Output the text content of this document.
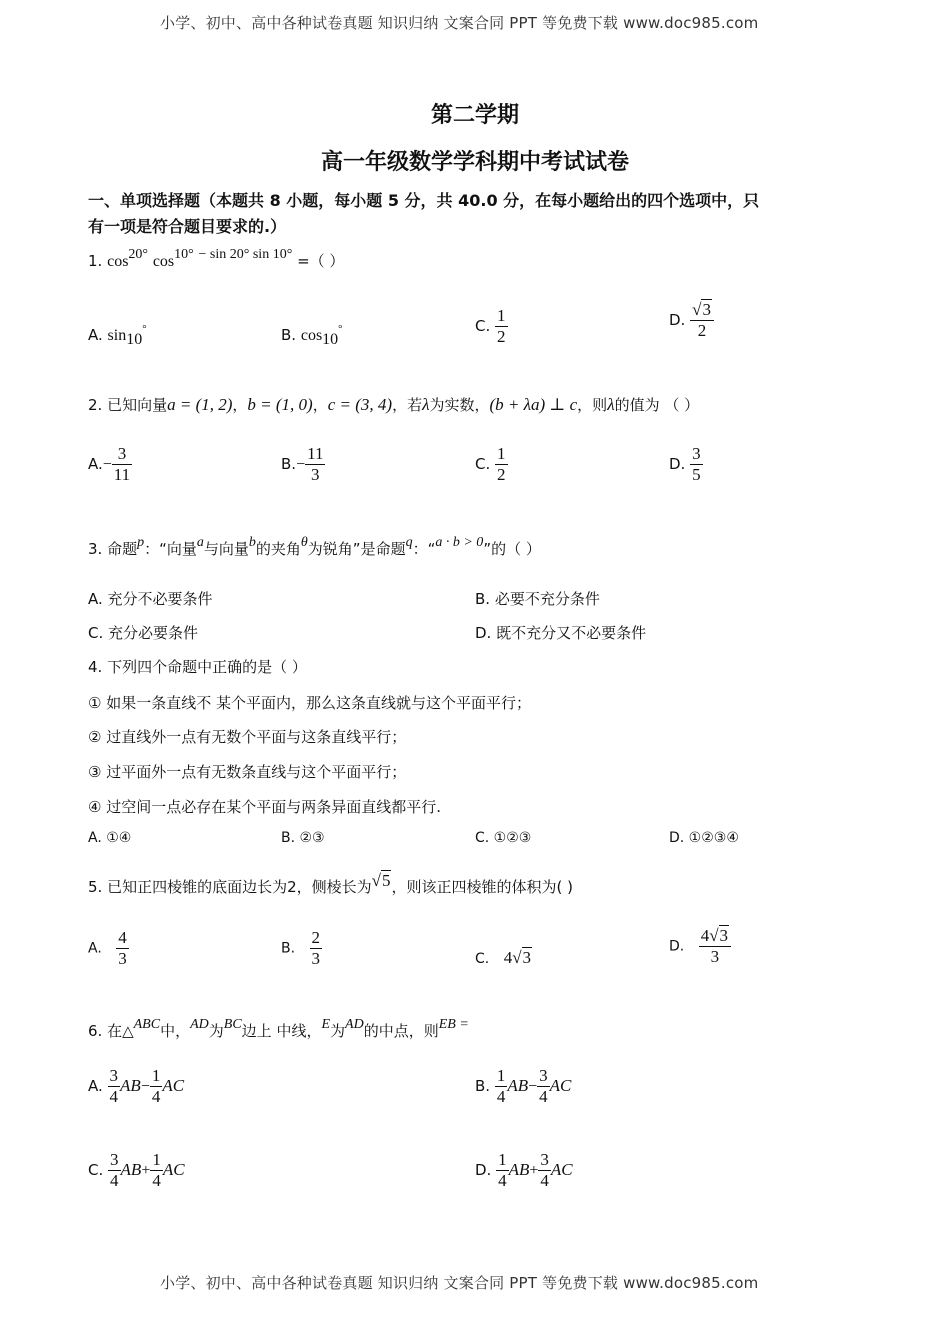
小学、初中、高中各种试卷真题 知识归纳 文案合同 PPT 等免费下载 www.doc985.com
第二学期
高一年级数学学科期中考试试卷
一、单项选择题（本题共 8 小题，每小题 5 分，共 40.0 分，在每小题给出的四个选项中，只
有一项是符合题目要求的.）
1. cos20° cos10° − sin 20° sin 10° =（ ）
A. sin10°	B. cos10°	C. $\frac{1}{2}$	D. $\frac{√3}{2}$
2. 已知向量a = (1, 2)，b = (1, 0)，c = (3, 4)，若λ为实数，(b + λa) ⊥ c，则λ的值为 （ ）
$A.- \frac{3}{11}$	$B.- \frac{11}{3}$	C. $\frac{1}{2}$	D. $\frac{3}{5}$
3. 命题p：“向量a与向量b的夹角θ为锐角”是命题q：“a · b > 0”的（ ）
A. 充分不必要条件	B. 必要不充分条件
C. 充分必要条件	D. 既不充分又不必要条件
4. 下列四个命题中正确的是（ ）
① 如果一条直线不 某个平面内，那么这条直线就与这个平面平行；
② 过直线外一点有无数个平面与这条直线平行；
③ 过平面外一点有无数条直线与这个平面平行；
④ 过空间一点必存在某个平面与两条异面直线都平行.
A. ①④	B. ②③	C. ①②③	D. ①②③④
5. 已知正四棱锥的底面边长为2，侧棱长为√5，则该正四棱锥的体积为( )
A. $\frac{4}{3}$	B. $\frac{2}{3}$	C. 4√3
D. $\frac{4√3}{3}$
6. 在△ABC中，AD为BC边上 中线，E为AD的中点，则EB =
A. $\frac{3}{4} AB- \frac{1}{4}$ AC	B. $\frac{1}{4} AB- \frac{3}{4}$ AC
C. $\frac{3}{4} AB+ \frac{1}{4}$ AC	D. $\frac{1}{4} AB+ \frac{3}{4}$ AC
小学、初中、高中各种试卷真题 知识归纳 文案合同 PPT 等免费下载 www.doc985.com
